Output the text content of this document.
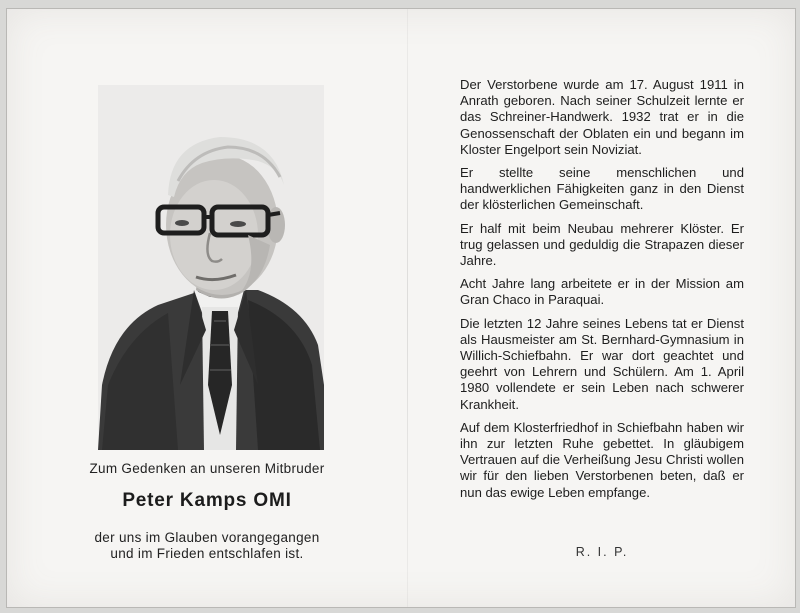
Zum Gedenken an unseren Mitbruder
Peter Kamps OMI
der uns im Glauben vorangegangen
und im Frieden entschlafen ist.

Der Verstorbene wurde am 17. August 1911 in Anrath geboren. Nach seiner Schulzeit lernte er das Schreiner-Handwerk. 1932 trat er in die Genossenschaft der Oblaten ein und begann im Kloster Engelport sein Noviziat.

Er stellte seine menschlichen und handwerklichen Fähigkeiten ganz in den Dienst der klösterlichen Gemeinschaft.

Er half mit beim Neubau mehrerer Klöster. Er trug gelassen und geduldig die Strapazen dieser Jahre.

Acht Jahre lang arbeitete er in der Mission am Gran Chaco in Paraquai.

Die letzten 12 Jahre seines Lebens tat er Dienst als Hausmeister am St. Bernhard-Gymnasium in Willich-Schiefbahn. Er war dort geachtet und geehrt von Lehrern und Schülern. Am 1. April 1980 vollendete er sein Leben nach schwerer Krankheit.

Auf dem Klosterfriedhof in Schiefbahn haben wir ihn zur letzten Ruhe gebettet. In gläubigem Vertrauen auf die Verheißung Jesu Christi wollen wir für den lieben Verstorbenen beten, daß er nun das ewige Leben empfange.

R. I. P.
